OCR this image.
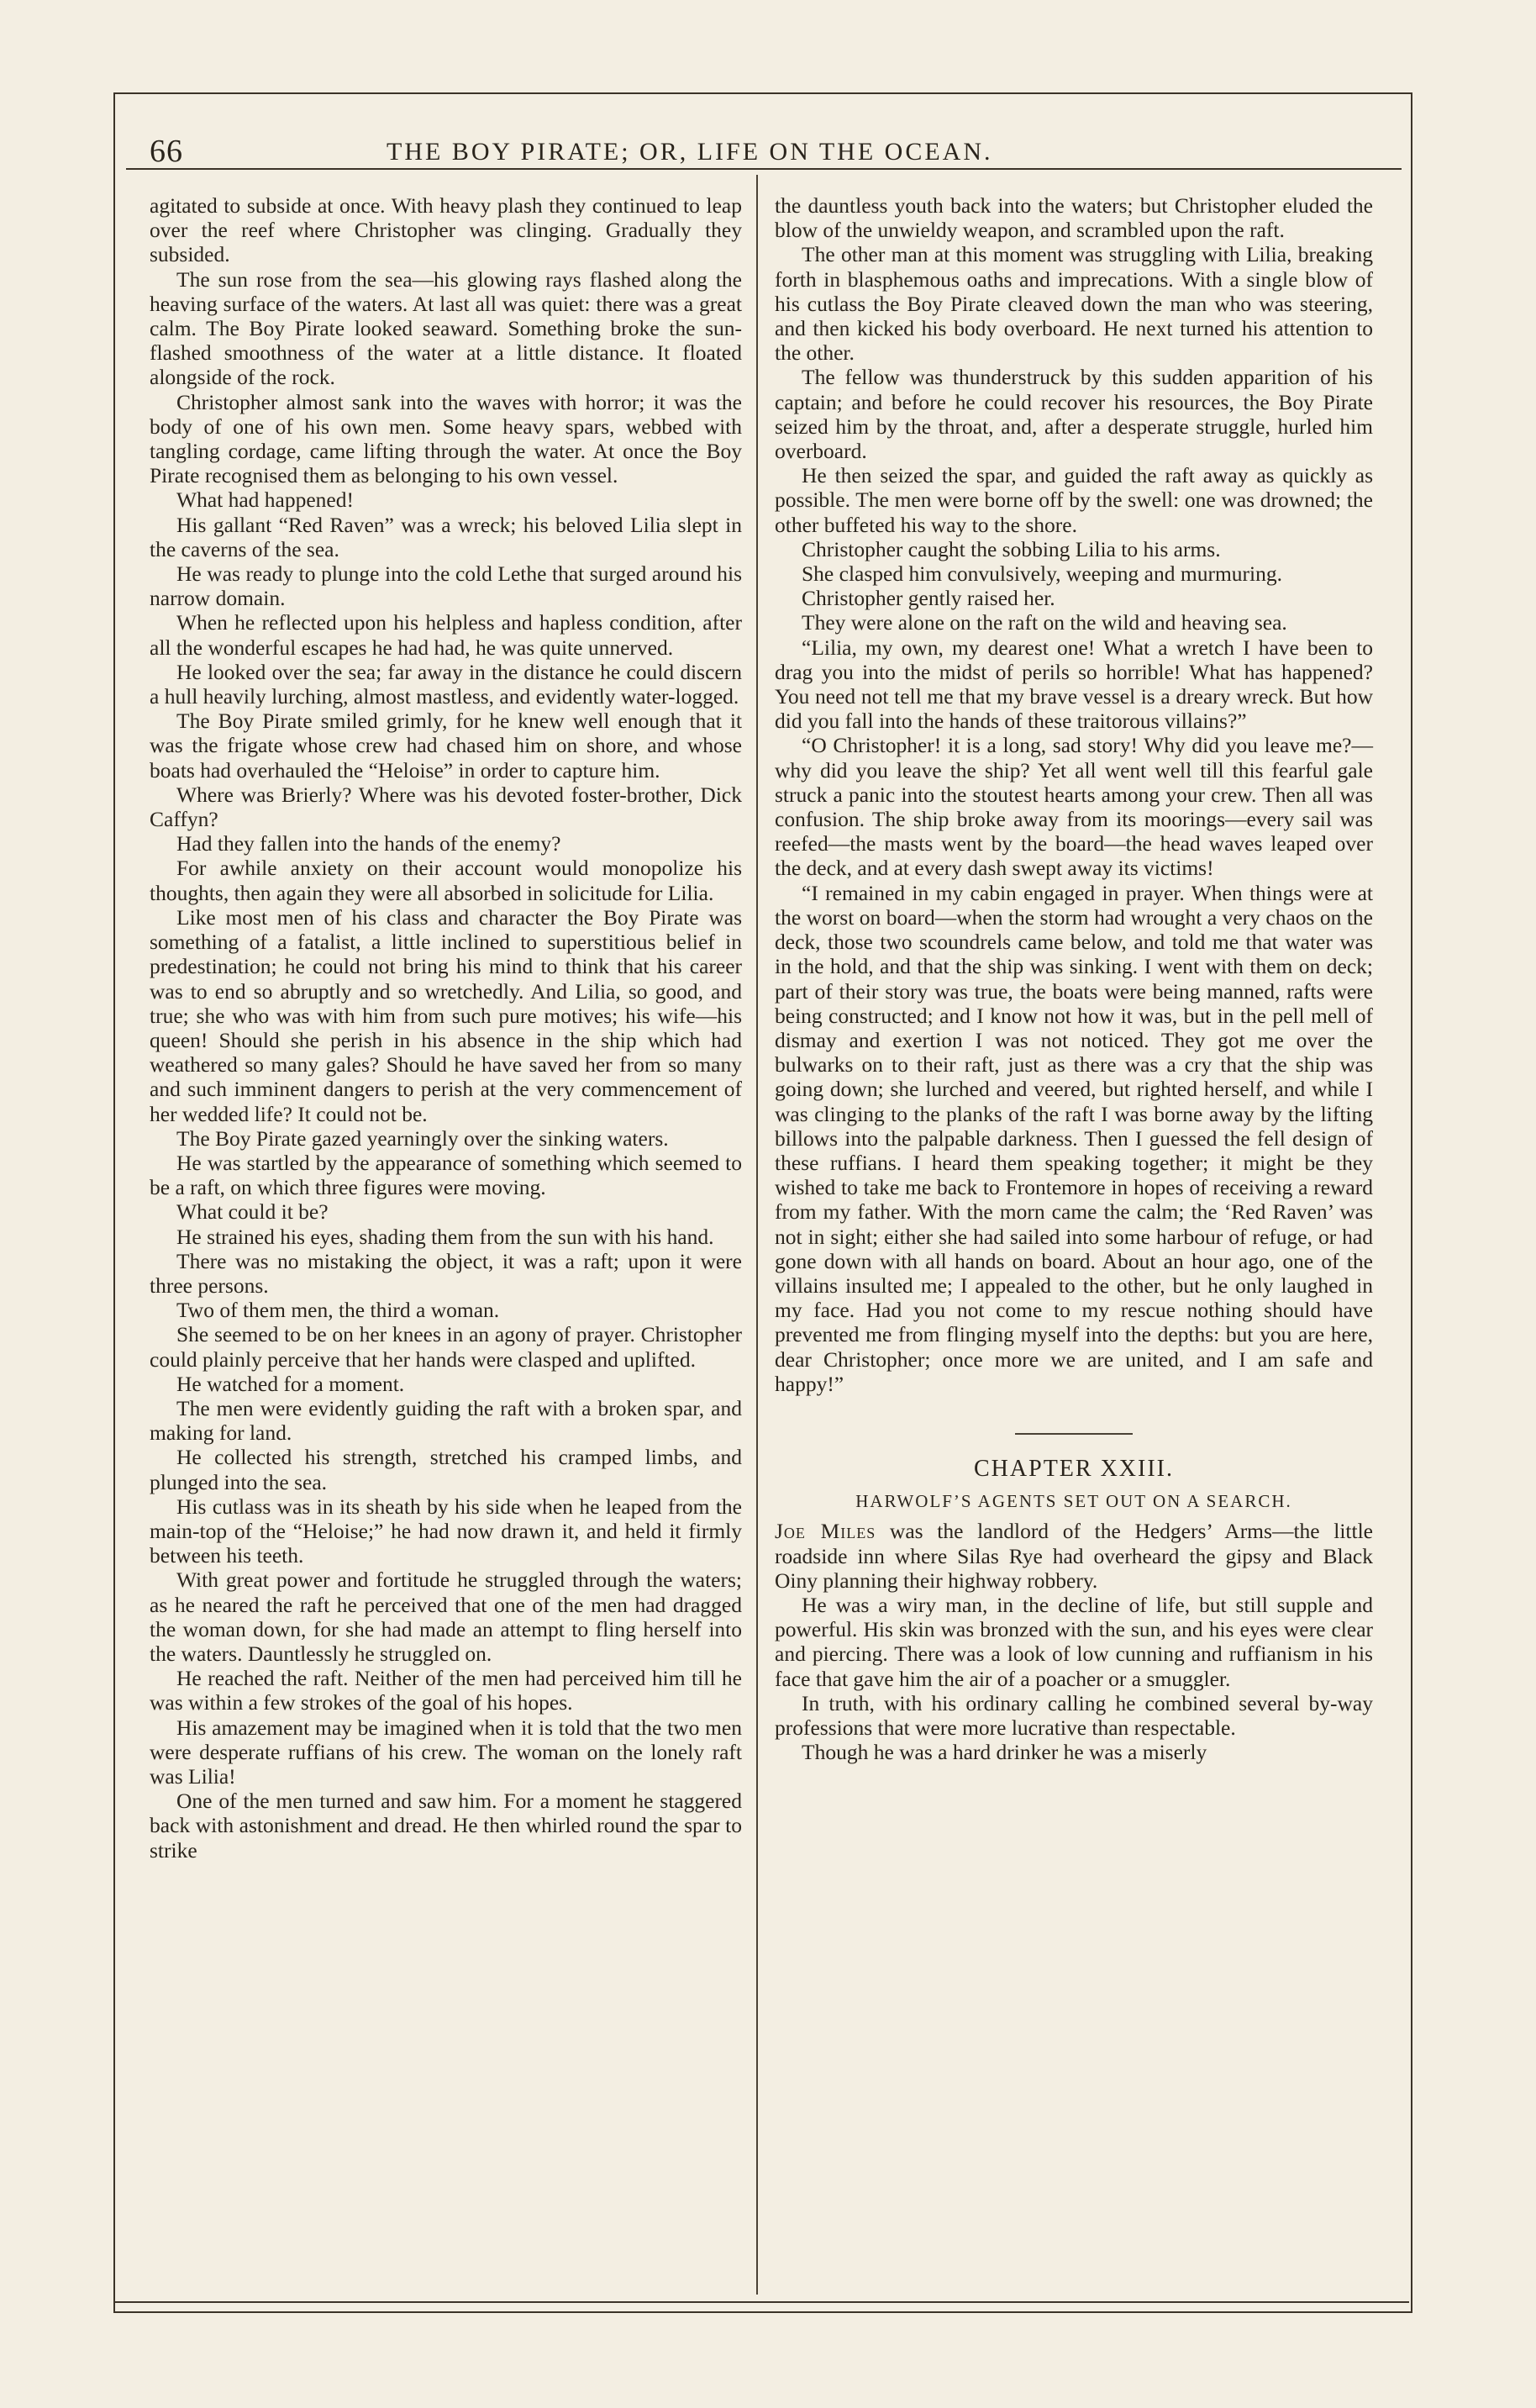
66	THE BOY PIRATE; OR, LIFE ON THE OCEAN.

agitated to subside at once. With heavy plash they continued to leap over the reef where Christopher was clinging. Gradually they subsided.

The sun rose from the sea—his glowing rays flashed along the heaving surface of the waters. At last all was quiet: there was a great calm. The Boy Pirate looked seaward. Something broke the sun-flashed smoothness of the water at a little distance. It floated alongside of the rock.

Christopher almost sank into the waves with horror; it was the body of one of his own men. Some heavy spars, webbed with tangling cordage, came lifting through the water. At once the Boy Pirate recognised them as belonging to his own vessel.

What had happened!

His gallant “Red Raven” was a wreck; his beloved Lilia slept in the caverns of the sea.

He was ready to plunge into the cold Lethe that surged around his narrow domain.

When he reflected upon his helpless and hapless condition, after all the wonderful escapes he had had, he was quite unnerved.

He looked over the sea; far away in the distance he could discern a hull heavily lurching, almost mastless, and evidently water-logged.

The Boy Pirate smiled grimly, for he knew well enough that it was the frigate whose crew had chased him on shore, and whose boats had overhauled the “Heloise” in order to capture him.

Where was Brierly? Where was his devoted foster-brother, Dick Caffyn?

Had they fallen into the hands of the enemy?

For awhile anxiety on their account would monopolize his thoughts, then again they were all absorbed in solicitude for Lilia.

Like most men of his class and character the Boy Pirate was something of a fatalist, a little inclined to superstitious belief in predestination; he could not bring his mind to think that his career was to end so abruptly and so wretchedly. And Lilia, so good, and true; she who was with him from such pure motives; his wife—his queen! Should she perish in his absence in the ship which had weathered so many gales? Should he have saved her from so many and such imminent dangers to perish at the very commencement of her wedded life? It could not be.

The Boy Pirate gazed yearningly over the sinking waters.

He was startled by the appearance of something which seemed to be a raft, on which three figures were moving.

What could it be?

He strained his eyes, shading them from the sun with his hand.

There was no mistaking the object, it was a raft; upon it were three persons.

Two of them men, the third a woman.

She seemed to be on her knees in an agony of prayer. Christopher could plainly perceive that her hands were clasped and uplifted.

He watched for a moment.

The men were evidently guiding the raft with a broken spar, and making for land.

He collected his strength, stretched his cramped limbs, and plunged into the sea.

His cutlass was in its sheath by his side when he leaped from the main-top of the “Heloise;” he had now drawn it, and held it firmly between his teeth.

With great power and fortitude he struggled through the waters; as he neared the raft he perceived that one of the men had dragged the woman down, for she had made an attempt to fling herself into the waters. Dauntlessly he struggled on.

He reached the raft. Neither of the men had perceived him till he was within a few strokes of the goal of his hopes.

His amazement may be imagined when it is told that the two men were desperate ruffians of his crew. The woman on the lonely raft was Lilia!

One of the men turned and saw him. For a moment he staggered back with astonishment and dread. He then whirled round the spar to strike

the dauntless youth back into the waters; but Christopher eluded the blow of the unwieldy weapon, and scrambled upon the raft.

The other man at this moment was struggling with Lilia, breaking forth in blasphemous oaths and imprecations. With a single blow of his cutlass the Boy Pirate cleaved down the man who was steering, and then kicked his body overboard. He next turned his attention to the other.

The fellow was thunderstruck by this sudden apparition of his captain; and before he could recover his resources, the Boy Pirate seized him by the throat, and, after a desperate struggle, hurled him overboard.

He then seized the spar, and guided the raft away as quickly as possible. The men were borne off by the swell: one was drowned; the other buffeted his way to the shore.

Christopher caught the sobbing Lilia to his arms.

She clasped him convulsively, weeping and murmuring.

Christopher gently raised her.

They were alone on the raft on the wild and heaving sea.

“Lilia, my own, my dearest one! What a wretch I have been to drag you into the midst of perils so horrible! What has happened? You need not tell me that my brave vessel is a dreary wreck. But how did you fall into the hands of these traitorous villains?”

“O Christopher! it is a long, sad story! Why did you leave me?—why did you leave the ship? Yet all went well till this fearful gale struck a panic into the stoutest hearts among your crew. Then all was confusion. The ship broke away from its moorings—every sail was reefed—the masts went by the board—the head waves leaped over the deck, and at every dash swept away its victims!

“I remained in my cabin engaged in prayer. When things were at the worst on board—when the storm had wrought a very chaos on the deck, those two scoundrels came below, and told me that water was in the hold, and that the ship was sinking. I went with them on deck; part of their story was true, the boats were being manned, rafts were being constructed; and I know not how it was, but in the pell mell of dismay and exertion I was not noticed. They got me over the bulwarks on to their raft, just as there was a cry that the ship was going down; she lurched and veered, but righted herself, and while I was clinging to the planks of the raft I was borne away by the lifting billows into the palpable darkness. Then I guessed the fell design of these ruffians. I heard them speaking together; it might be they wished to take me back to Frontemore in hopes of receiving a reward from my father. With the morn came the calm; the ‘Red Raven’ was not in sight; either she had sailed into some harbour of refuge, or had gone down with all hands on board. About an hour ago, one of the villains insulted me; I appealed to the other, but he only laughed in my face. Had you not come to my rescue nothing should have prevented me from flinging myself into the depths: but you are here, dear Christopher; once more we are united, and I am safe and happy!”

CHAPTER XXIII.
HARWOLF’S AGENTS SET OUT ON A SEARCH.

Joe Miles was the landlord of the Hedgers’ Arms—the little roadside inn where Silas Rye had overheard the gipsy and Black Oiny planning their highway robbery.

He was a wiry man, in the decline of life, but still supple and powerful. His skin was bronzed with the sun, and his eyes were clear and piercing. There was a look of low cunning and ruffianism in his face that gave him the air of a poacher or a smuggler.

In truth, with his ordinary calling he combined several by-way professions that were more lucrative than respectable.

Though he was a hard drinker he was a miserly
